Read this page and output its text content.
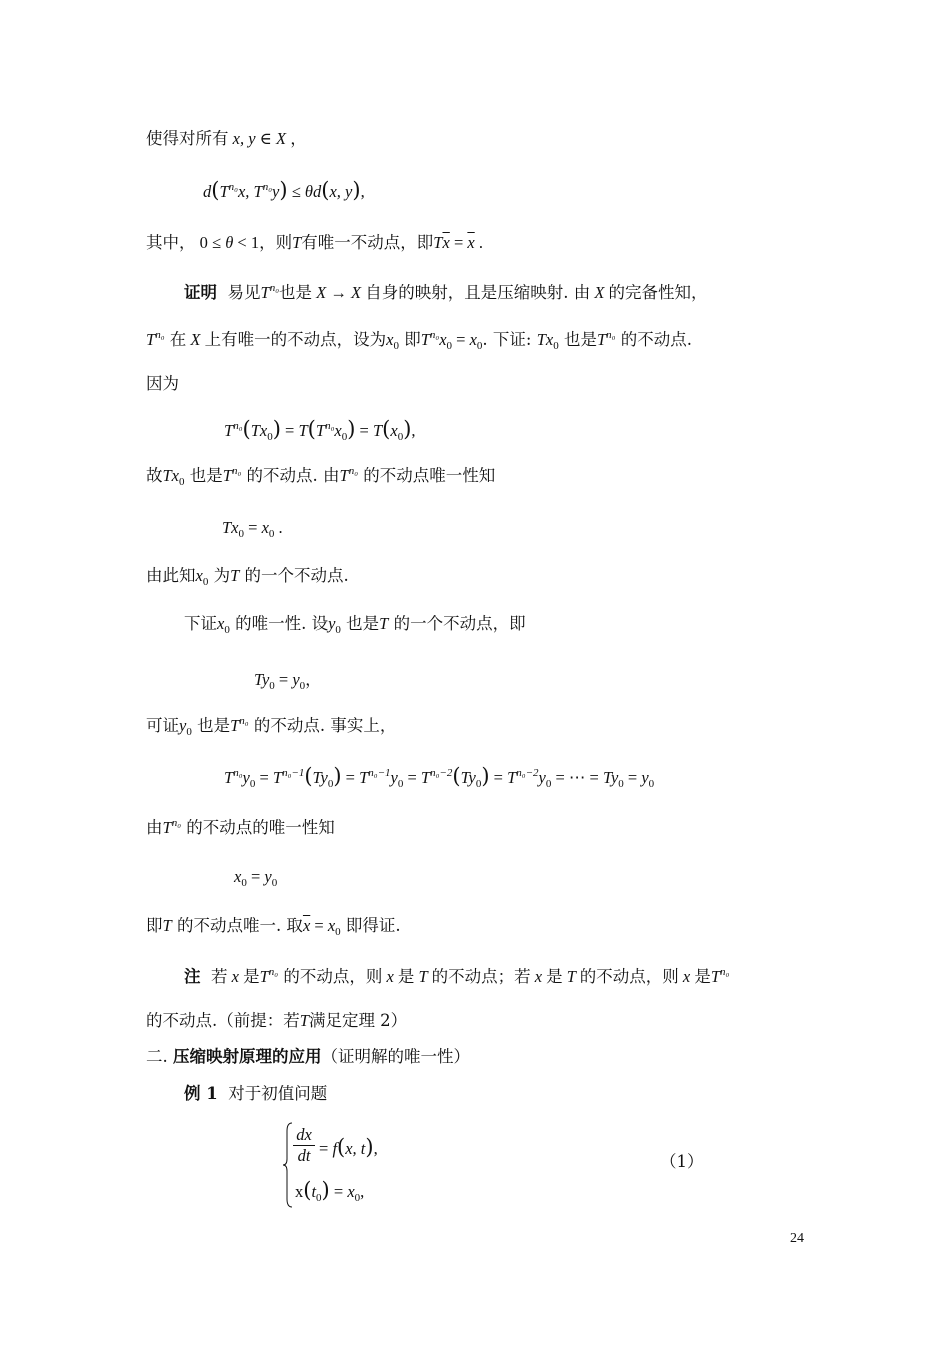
使得对所有 x, y ∈ X ，
$d(T^{n_0}x$, $T^{n_0}y) \le \theta d(x$, y),
其中， 0 ≤ θ < 1，则T有唯一不动点，即$T\overline{x} = \overline{x}$ .
证明 易见$T^{n_0}$也是 X → X 自身的映射，且是压缩映射. 由 X 的完备性知，
$T^{n_0}$ 在 X 上有唯一的不动点，设为$x_0$ 即$T^{n_0}x_0 = x_0$. 下证: $Tx_0$ 也是$T^{n_0}$ 的不动点.
因为
$T^{n_0}(Tx_0) = T(T^{n_0}x_0) = T(x_0)$,
故$Tx_0$ 也是$T^{n_0}$ 的不动点. 由$T^{n_0}$ 的不动点唯一性知
$Tx_0 = x_0$ .
由此知$x_0$ 为T 的一个不动点.
下证$x_0$ 的唯一性. 设$y_0$ 也是T 的一个不动点，即
$Ty_0 = y_0$，
可证$y_0$ 也是$T^{n_0}$ 的不动点. 事实上，
$T^{n_0}y_0 = T^{n_0-1}(Ty_0) = T^{n_0-1}y_0 = T^{n_0-2}(Ty_0) = T^{n_0-2}y_0$ = ⋯ = $Ty_0 = y_0$
由$T^{n_0}$ 的不动点的唯一性知
$x_0 = y_0$
即T 的不动点唯一. 取$\overline{x} = x_0$ 即得证.
注 若 x 是$T^{n_0}$ 的不动点，则 x 是 T 的不动点；若 x 是 T 的不动点，则 x 是$T^{n_0}$
的不动点.（前提：若T满足定理 2）
二. 压缩映射原理的应用（证明解的唯一性）
例 1 对于初值问题
$\frac{dx}{dt} = f(x$, t),
$x(t_0) = x_0$,
（1）
24
